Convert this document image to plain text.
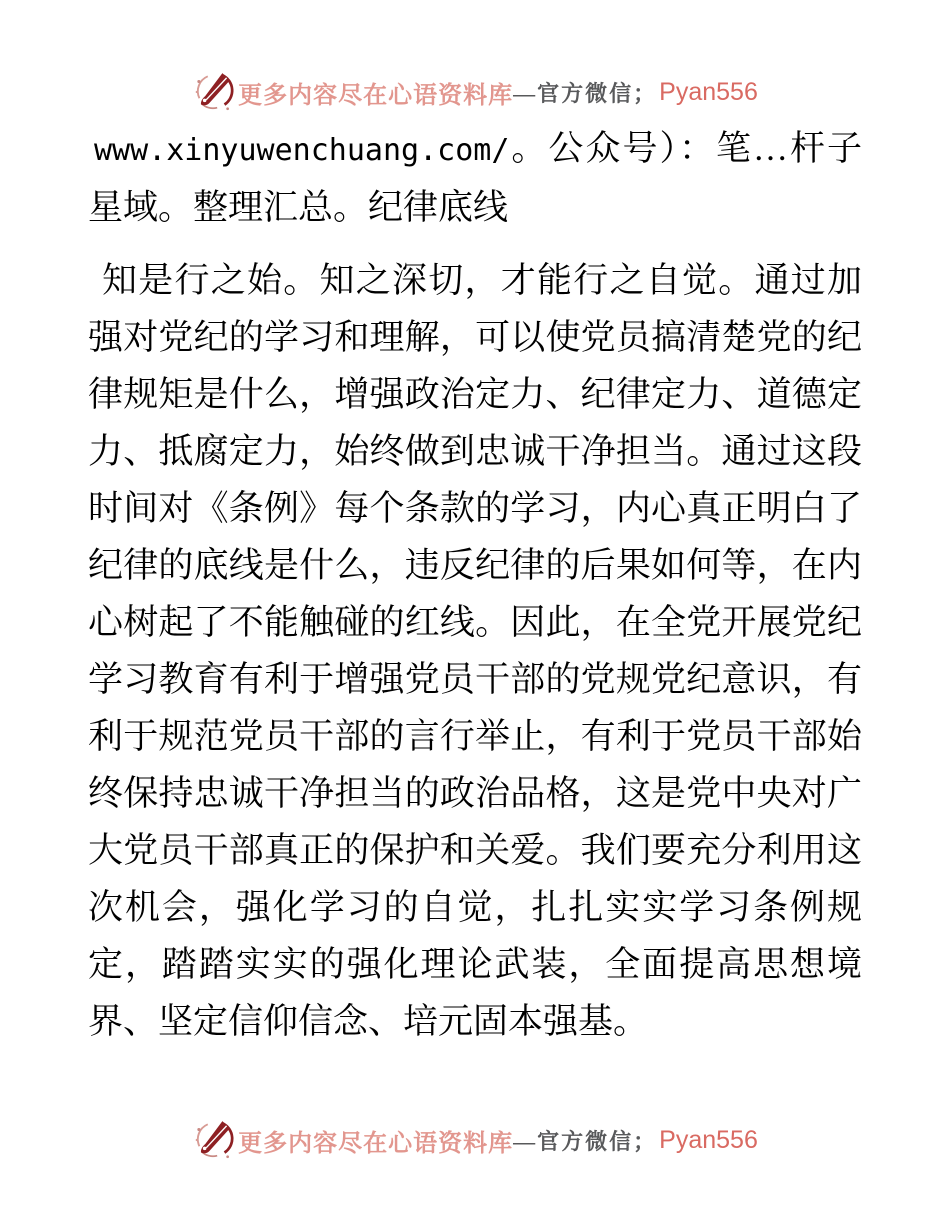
更多内容尽在心语资料库 —官方微信； Pyan556

www.xinyuwenchuang.com/。公众号）：笔…杆子星域。整理汇总。纪律底线

知是行之始。知之深切，才能行之自觉。通过加强对党纪的学习和理解，可以使党员搞清楚党的纪律规矩是什么，增强政治定力、纪律定力、道德定力、抵腐定力，始终做到忠诚干净担当。通过这段时间对《条例》每个条款的学习，内心真正明白了纪律的底线是什么，违反纪律的后果如何等，在内心树起了不能触碰的红线。因此，在全党开展党纪学习教育有利于增强党员干部的党规党纪意识，有利于规范党员干部的言行举止，有利于党员干部始终保持忠诚干净担当的政治品格，这是党中央对广大党员干部真正的保护和关爱。我们要充分利用这次机会，强化学习的自觉，扎扎实实学习条例规定，踏踏实实的强化理论武装，全面提高思想境界、坚定信仰信念、培元固本强基。

更多内容尽在心语资料库 —官方微信； Pyan556
